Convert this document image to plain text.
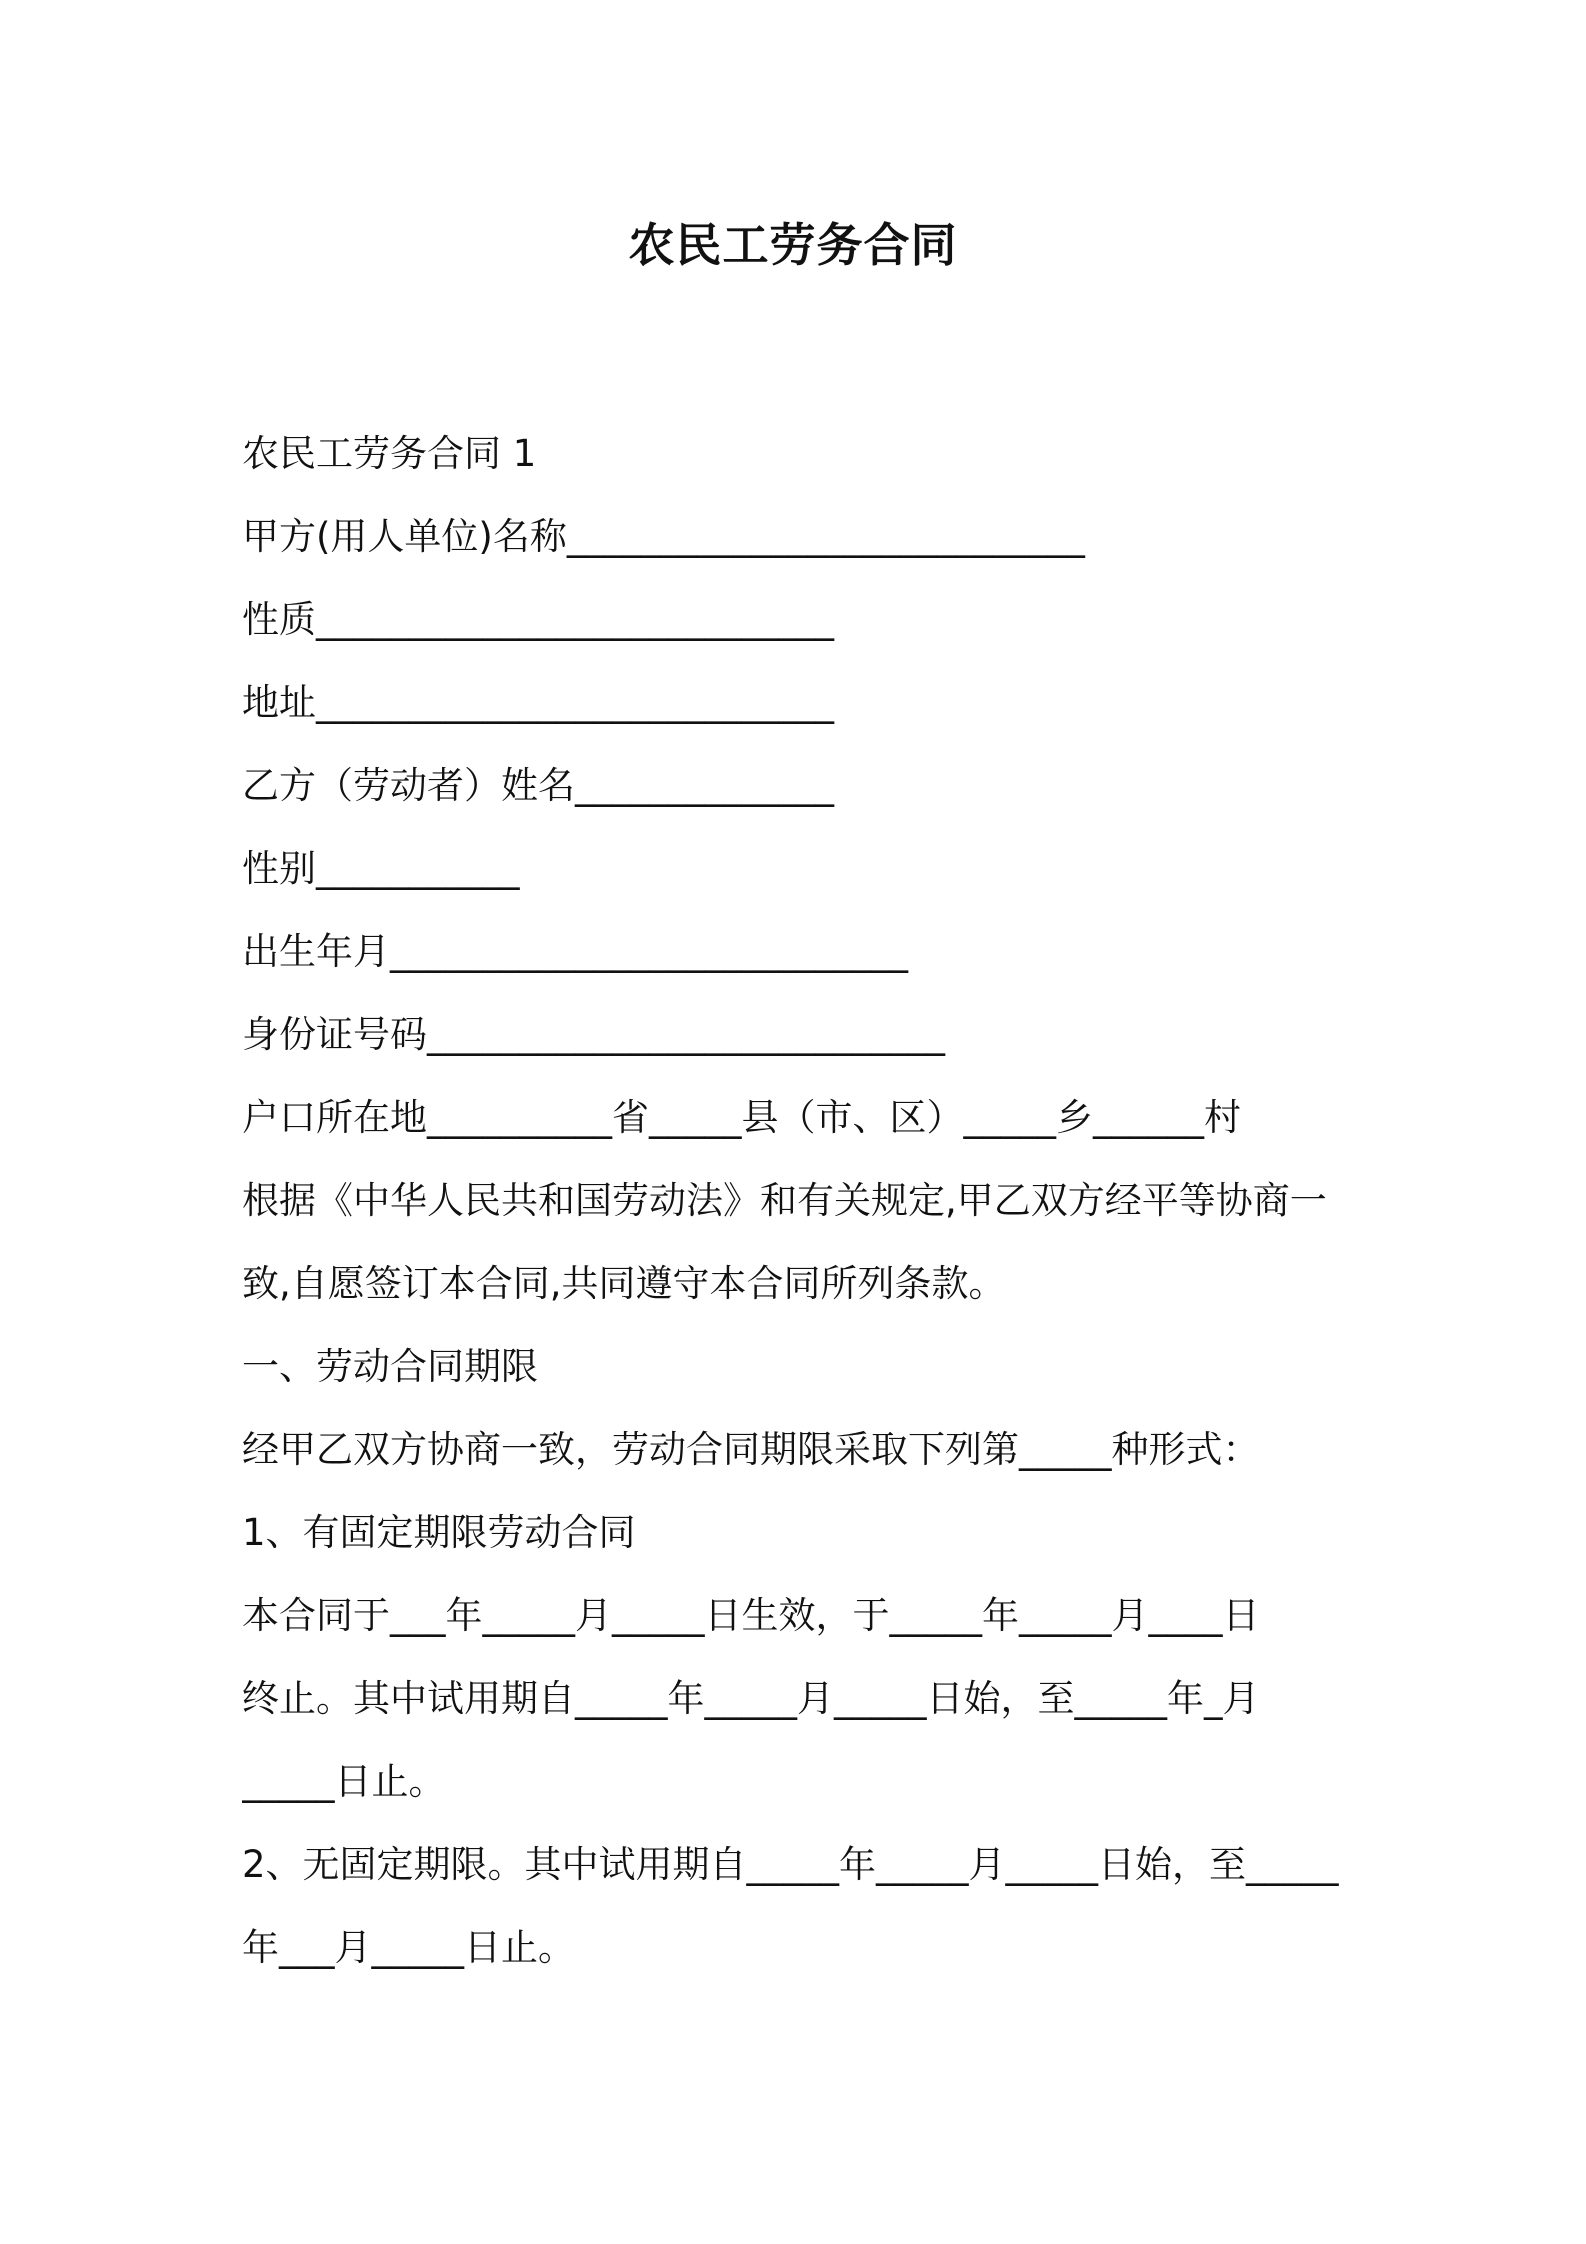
农民工劳务合同
农民工劳务合同 1
甲方(用人单位)名称____________________________
性质____________________________
地址____________________________
乙方（劳动者）姓名______________
性别___________
出生年月____________________________
身份证号码____________________________
户口所在地__________省_____县（市、区）_____乡______村
根据《中华人民共和国劳动法》和有关规定,甲乙双方经平等协商一
致,自愿签订本合同,共同遵守本合同所列条款。
一、劳动合同期限
经甲乙双方协商一致，劳动合同期限采取下列第_____种形式：
1、有固定期限劳动合同
本合同于___年_____月_____日生效，于_____年_____月____日
终止。其中试用期自_____年_____月_____日始，至_____年_月
_____日止。
2、无固定期限。其中试用期自_____年_____月_____日始，至_____
年___月_____日止。
